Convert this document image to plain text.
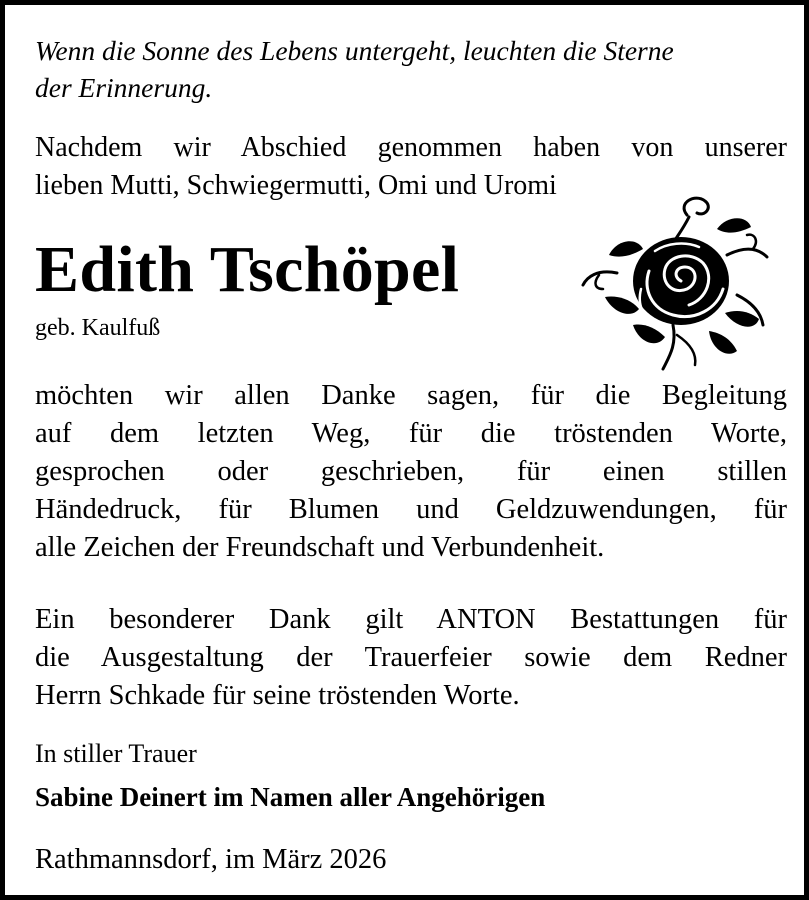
Wenn die Sonne des Lebens untergeht, leuchten die Sterne
der Erinnerung.

Nachdem wir Abschied genommen haben von unserer
lieben Mutti, Schwiegermutti, Omi und Uromi

Edith Tschöpel

geb. Kaulfuß

möchten wir allen Danke sagen, für die Begleitung
auf dem letzten Weg, für die tröstenden Worte,
gesprochen oder geschrieben, für einen stillen
Händedruck, für Blumen und Geldzuwendungen, für
alle Zeichen der Freundschaft und Verbundenheit.

Ein besonderer Dank gilt ANTON Bestattungen für
die Ausgestaltung der Trauerfeier sowie dem Redner
Herrn Schkade für seine tröstenden Worte.

In stiller Trauer

Sabine Deinert im Namen aller Angehörigen

Rathmannsdorf, im März 2026
